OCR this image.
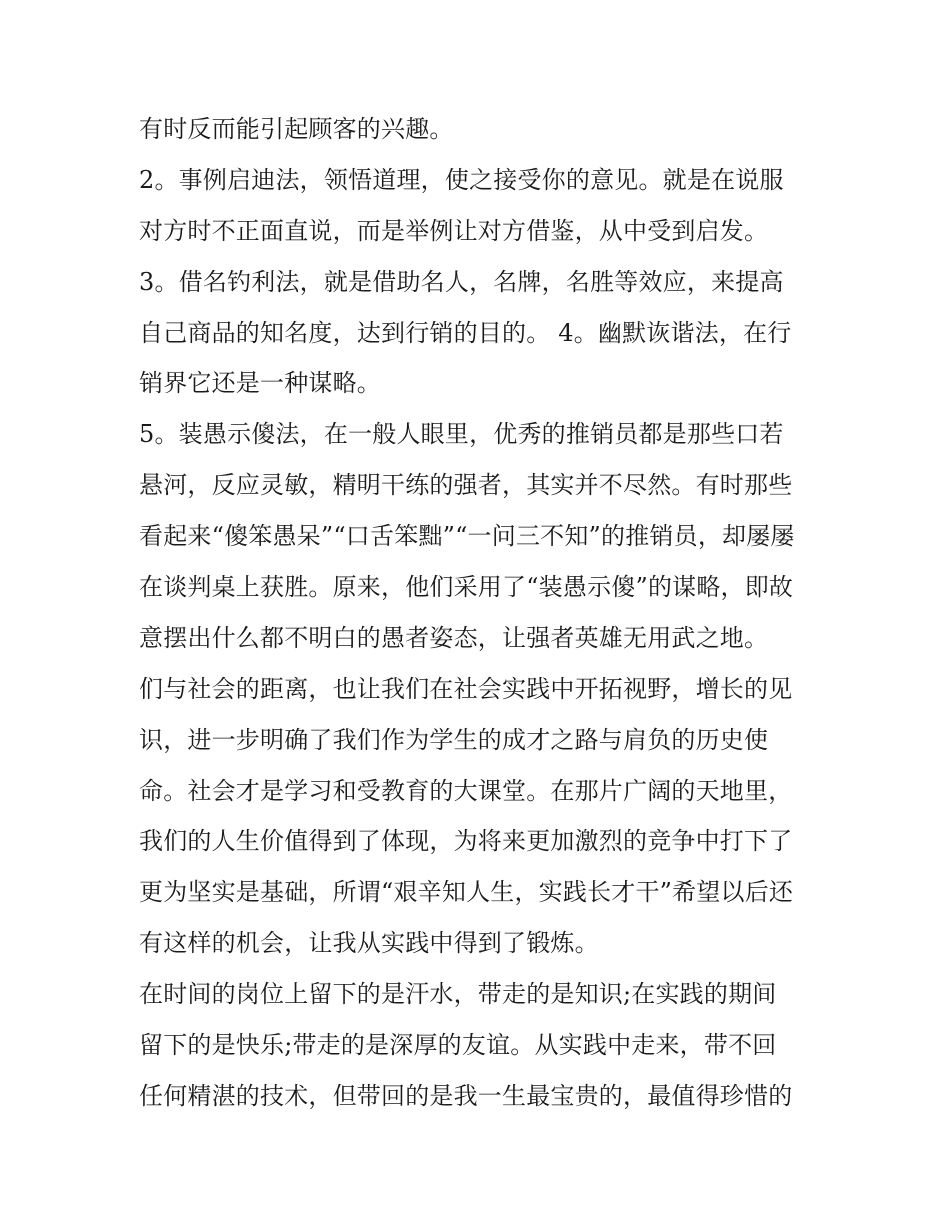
有时反而能引起顾客的兴趣。
2。事例启迪法，领悟道理，使之接受你的意见。就是在说服
对方时不正面直说，而是举例让对方借鉴，从中受到启发。
3。借名钓利法，就是借助名人，名牌，名胜等效应，来提高
自己商品的知名度，达到行销的目的。 4。幽默诙谐法，在行
销界它还是一种谋略。
5。装愚示傻法，在一般人眼里，优秀的推销员都是那些口若
悬河，反应灵敏，精明干练的强者，其实并不尽然。有时那些
看起来“傻笨愚呆”“口舌笨黜”“一问三不知”的推销员，却屡屡
在谈判桌上获胜。原来，他们采用了“装愚示傻”的谋略，即故
意摆出什么都不明白的愚者姿态，让强者英雄无用武之地。
们与社会的距离，也让我们在社会实践中开拓视野，增长的见
识，进一步明确了我们作为学生的成才之路与肩负的历史使
命。社会才是学习和受教育的大课堂。在那片广阔的天地里，
我们的人生价值得到了体现，为将来更加激烈的竞争中打下了
更为坚实是基础，所谓“艰辛知人生，实践长才干”希望以后还
有这样的机会，让我从实践中得到了锻炼。
在时间的岗位上留下的是汗水，带走的是知识;在实践的期间
留下的是快乐;带走的是深厚的友谊。从实践中走来，带不回
任何精湛的技术，但带回的是我一生最宝贵的，最值得珍惜的
